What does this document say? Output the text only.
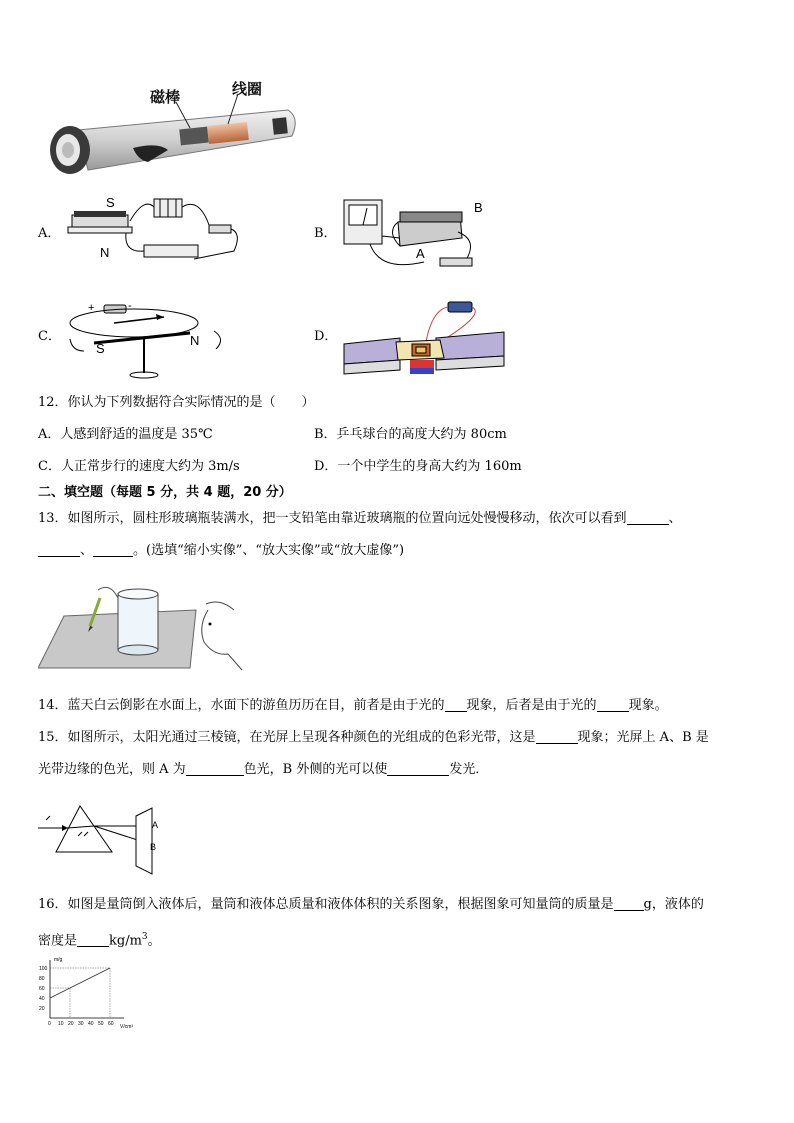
磁棒	线圈
A．
S
N
B．
B
A
C．
S
N
+	-
D．
12．你认为下列数据符合实际情况的是（　　）
A．人感到舒适的温度是 35℃	B．乒乓球台的高度大约为 80cm
C．人正常步行的速度大约为 3m/s	D．一个中学生的身高大约为 160m
二、填空题（每题 5 分，共 4 题，20 分）
13．如图所示，圆柱形玻璃瓶装满水，把一支铅笔由靠近玻璃瓶的位置向远处慢慢移动，依次可以看到	、
、	。(选填“缩小实像”、“放大实像”或“放大虚像”)
14．蓝天白云倒影在水面上，水面下的游鱼历历在目，前者是由于光的 现象，后者是由于光的 现象。
15．如图所示，太阳光通过三棱镜，在光屏上呈现各种颜色的光组成的色彩光带，这是	现象；光屏上 A、B 是
光带边缘的色光，则 A 为	色光，B 外侧的光可以使	发光．
A
B
16．如图是量筒倒入液体后，量筒和液体总质量和液体体积的关系图象，根据图象可知量筒的质量是 g，液体的
密度是 $kg/m^3$。
m/g
V/cm³
0 10 20 30 40 50 60
20
40
60
80
100
